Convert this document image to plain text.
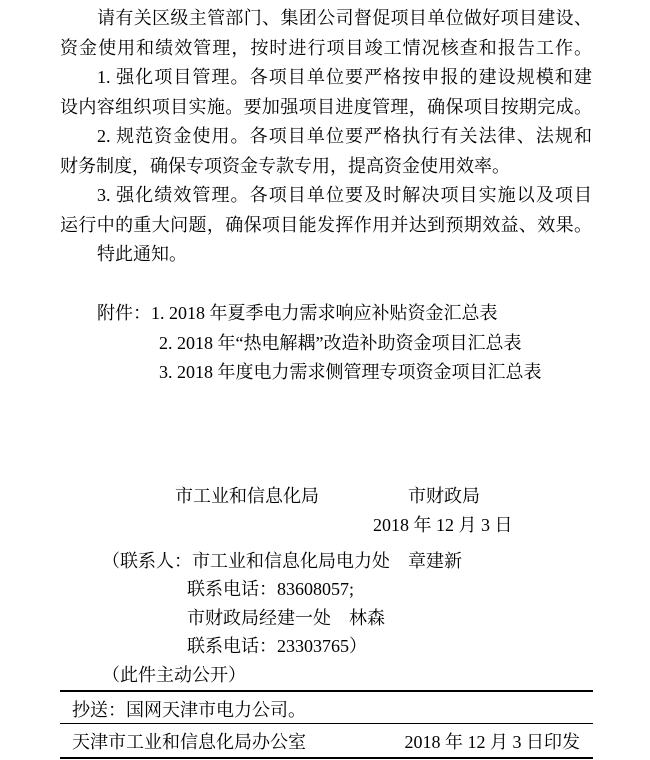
请有关区级主管部门、集团公司督促项目单位做好项目建设、
资金使用和绩效管理，按时进行项目竣工情况核查和报告工作。
1. 强化项目管理。各项目单位要严格按申报的建设规模和建
设内容组织项目实施。要加强项目进度管理，确保项目按期完成。
2. 规范资金使用。各项目单位要严格执行有关法律、法规和
财务制度，确保专项资金专款专用，提高资金使用效率。
3. 强化绩效管理。各项目单位要及时解决项目实施以及项目
运行中的重大问题，确保项目能发挥作用并达到预期效益、效果。
特此通知。
附件：1. 2018 年夏季电力需求响应补贴资金汇总表
2. 2018 年“热电解耦”改造补助资金项目汇总表
3. 2018 年度电力需求侧管理专项资金项目汇总表
市工业和信息化局	市财政局
2018 年 12 月 3 日
（联系人：市工业和信息化局电力处　章建新
联系电话：83608057;
市财政局经建一处　林森
联系电话：23303765）
（此件主动公开）
抄送：国网天津市电力公司。
天津市工业和信息化局办公室	2018 年 12 月 3 日印发
